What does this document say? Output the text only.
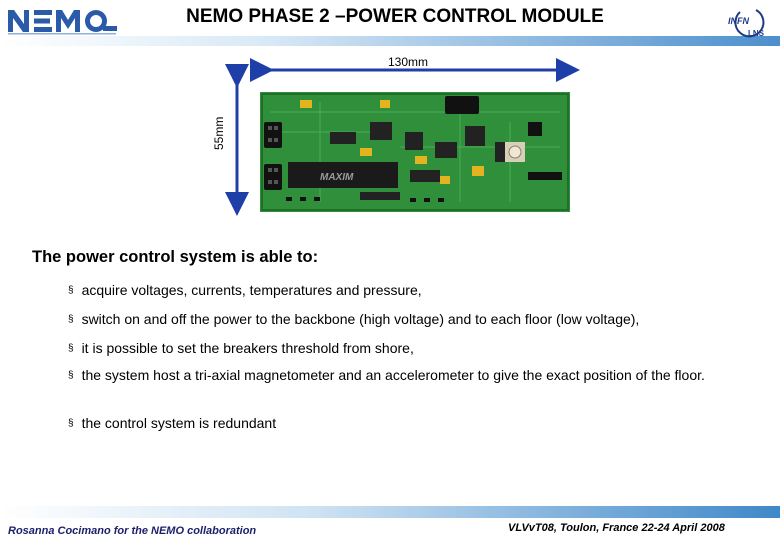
NEMO PHASE 2 –POWER CONTROL MODULE	INFN
LNS
130mm
55mm
MAXIM
The power control system is able to:
§ acquire voltages, currents, temperatures and pressure,
§ switch on and off the power to the backbone (high voltage) and to each floor (low voltage),
§ it is possible to set the breakers threshold from shore,
§ the system host a tri-axial magnetometer and an accelerometer to give the exact position of the floor.
§ the control system is redundant
Rosanna Cocimano for the NEMO collaboration	VLVvT08, Toulon, France 22-24 April 2008
